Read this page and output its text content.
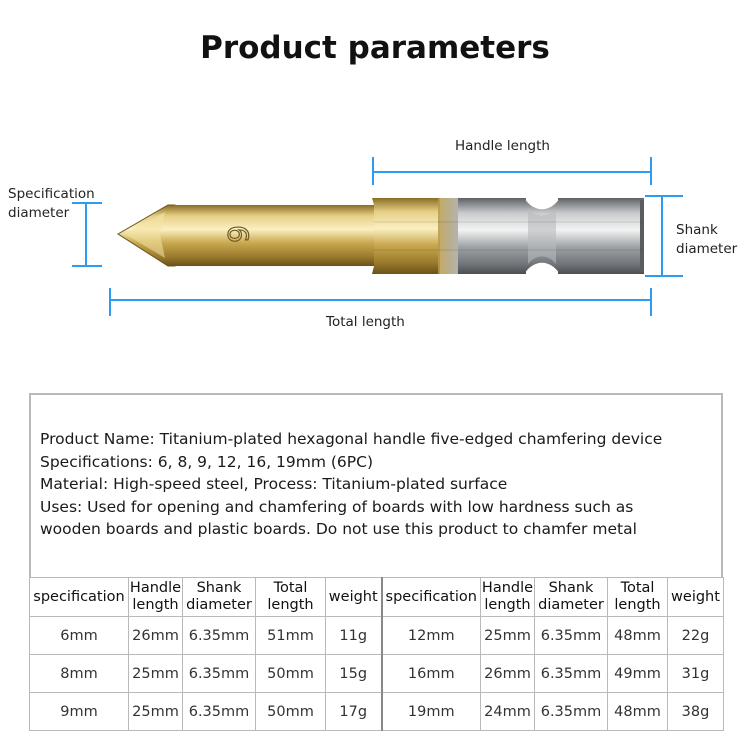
Product parameters
Handle length
Specification diameter
Shank diameter
Total length
6
Product Name: Titanium-plated hexagonal handle five-edged chamfering device
Specifications: 6, 8, 9, 12, 16, 19mm (6PC)
Material: High-speed steel, Process: Titanium-plated surface
Uses: Used for opening and chamfering of boards with low hardness such as
wooden boards and plastic boards. Do not use this product to chamfer metal
specification	Handle length	Shank diameter	Total length	weight	specification	Handle length	Shank diameter	Total length	weight
6mm	26mm	6.35mm	51mm	11g	12mm	25mm	6.35mm	48mm	22g
8mm	25mm	6.35mm	50mm	15g	16mm	26mm	6.35mm	49mm	31g
9mm	25mm	6.35mm	50mm	17g	19mm	24mm	6.35mm	48mm	38g
